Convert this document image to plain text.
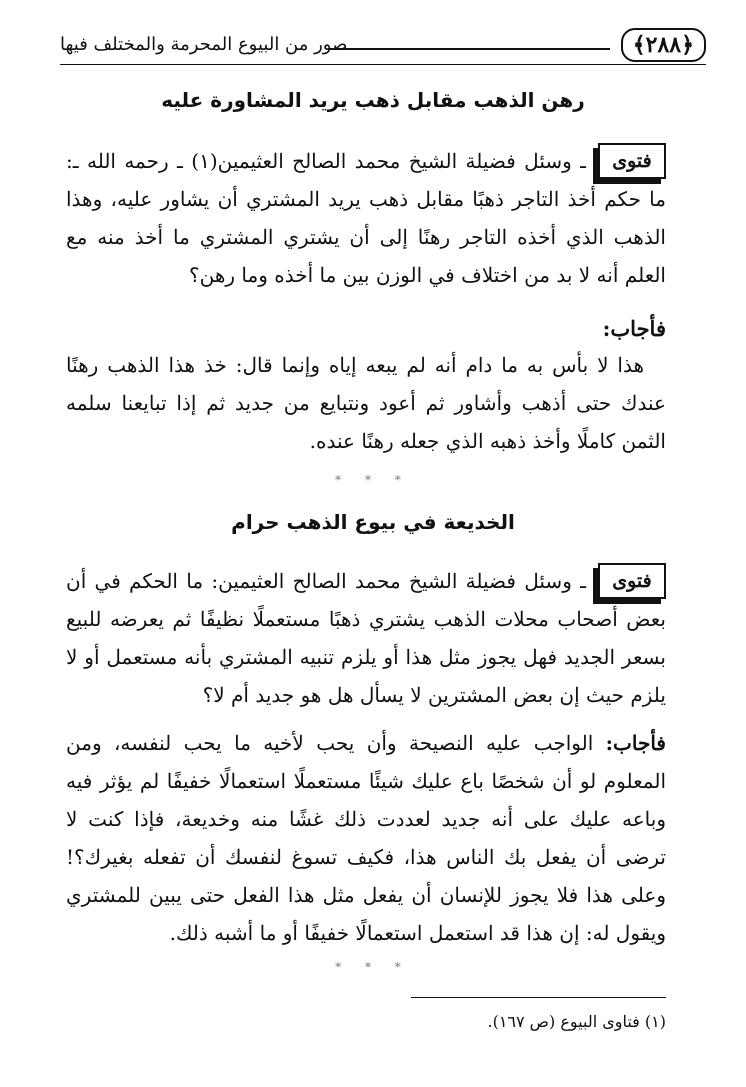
﴿٢٨٨﴾
صور من البيوع المحرمة والمختلف فيها
رهن الذهب مقابل ذهب يريد المشاورة عليه
فتوى
ـ وسئل فضيلة الشيخ محمد الصالح العثيمين(١) ـ رحمه الله ـ: ما حكم أخذ التاجر ذهبًا مقابل ذهب يريد المشتري أن يشاور عليه، وهذا الذهب الذي أخذه التاجر رهنًا إلى أن يشتري المشتري ما أخذ منه مع العلم أنه لا بد من اختلاف في الوزن بين ما أخذه وما رهن؟
فأجاب:
هذا لا بأس به ما دام أنه لم يبعه إياه وإنما قال: خذ هذا الذهب رهنًا عندك حتى أذهب وأشاور ثم أعود ونتبايع من جديد ثم إذا تبايعنا سلمه الثمن كاملًا وأخذ ذهبه الذي جعله رهنًا عنده.
* * *
الخديعة في بيوع الذهب حرام
فتوى
ـ وسئل فضيلة الشيخ محمد الصالح العثيمين: ما الحكم في أن بعض أصحاب محلات الذهب يشتري ذهبًا مستعملًا نظيفًا ثم يعرضه للبيع بسعر الجديد فهل يجوز مثل هذا أو يلزم تنبيه المشتري بأنه مستعمل أو لا يلزم حيث إن بعض المشترين لا يسأل هل هو جديد أم لا؟
فأجاب: الواجب عليه النصيحة وأن يحب لأخيه ما يحب لنفسه، ومن المعلوم لو أن شخصًا باع عليك شيئًا مستعملًا استعمالًا خفيفًا لم يؤثر فيه وباعه عليك على أنه جديد لعددت ذلك غشًا منه وخديعة، فإذا كنت لا ترضى أن يفعل بك الناس هذا، فكيف تسوغ لنفسك أن تفعله بغيرك؟! وعلى هذا فلا يجوز للإنسان أن يفعل مثل هذا الفعل حتى يبين للمشتري ويقول له: إن هذا قد استعمل استعمالًا خفيفًا أو ما أشبه ذلك.
* * *
(١) فتاوى البيوع (ص ١٦٧).
